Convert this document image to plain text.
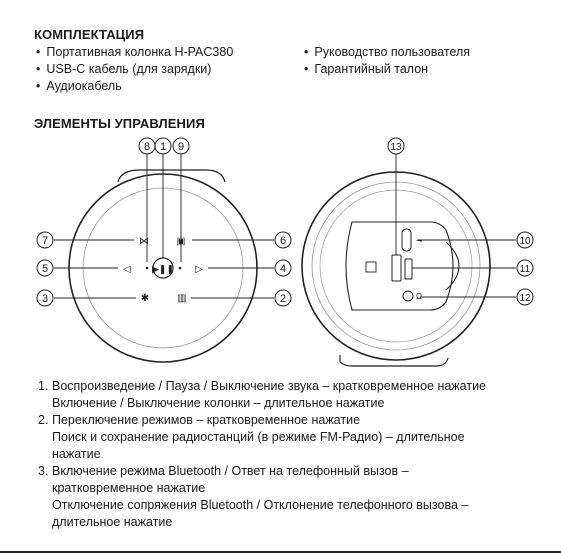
КОМПЛЕКТАЦИЯ
• Портативная колонка H-PAC380
• USB-C кабель (для зарядки)
• Аудиокабель
• Руководство пользователя
• Гарантийный талон
ЭЛЕМЕНТЫ УПРАВЛЕНИЯ
▶❚❚
◁	▷
⋈	▣
✱	▥
7
5
3
6
4
2
8 1 9
⏦
Ω
13
10
11
12
1. Воспроизведение / Пауза / Выключение звука – кратковременное нажатие
Включение / Выключение колонки – длительное нажатие
2. Переключение режимов – кратковременное нажатие
Поиск и сохранение радиостанций (в режиме FM-Радио) – длительное
нажатие
3. Включение режима Bluetooth / Ответ на телефонный вызов –
кратковременное нажатие
Отключение сопряжения Bluetooth / Отклонение телефонного вызова –
длительное нажатие
